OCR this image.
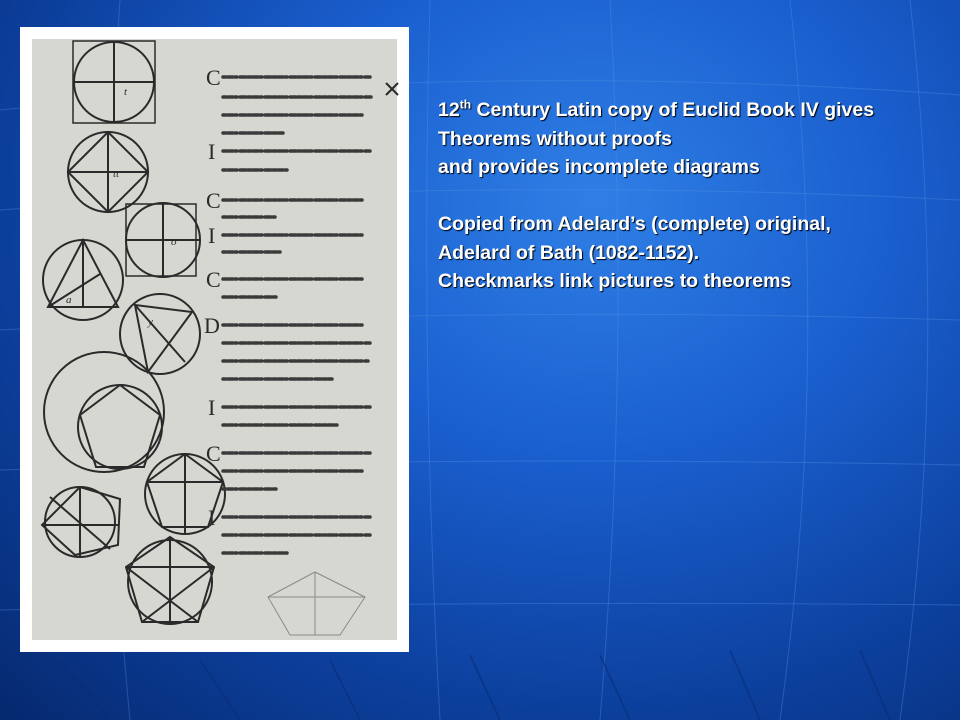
C
I
C
I
C
D
I
C
I
t
tt
o
a
y
12th Century Latin copy of Euclid Book IV gives
Theorems without proofs
and provides incomplete diagrams
Copied from Adelard’s (complete) original,
Adelard of Bath (1082-1152).
Checkmarks link pictures to theorems
